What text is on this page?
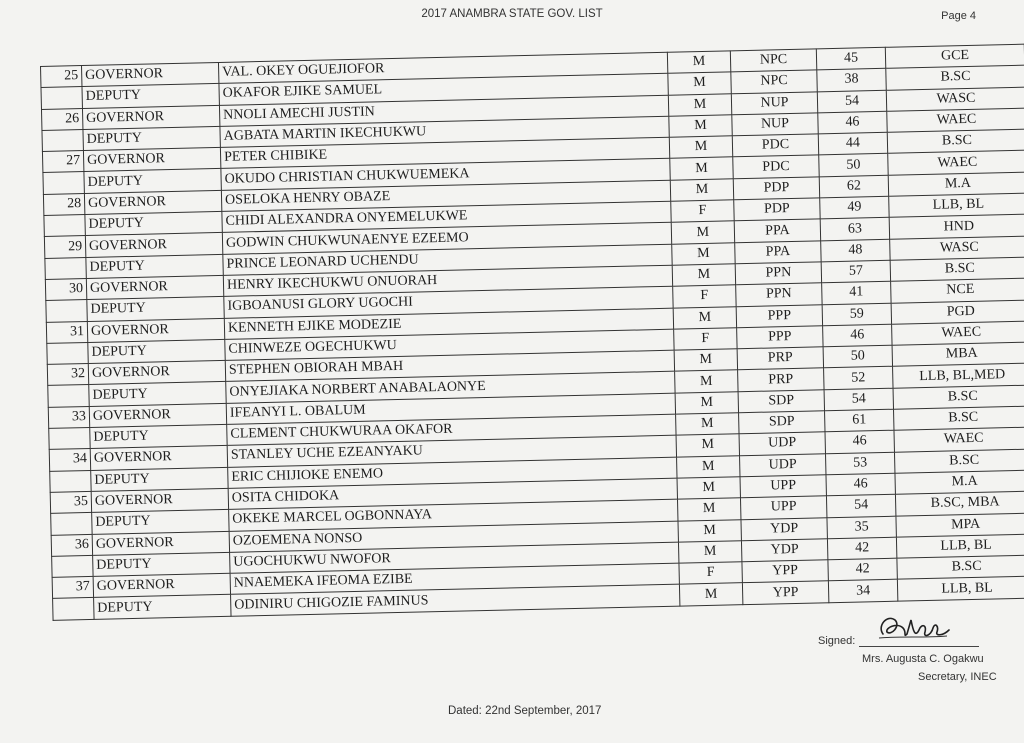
2017 ANAMBRA STATE GOV. LIST	Page 4
25	GOVERNOR	VAL. OKEY OGUEJIOFOR	M	NPC	45	GCE
	DEPUTY	OKAFOR EJIKE SAMUEL	M	NPC	38	B.SC
26	GOVERNOR	NNOLI AMECHI JUSTIN	M	NUP	54	WASC
	DEPUTY	AGBATA MARTIN IKECHUKWU	M	NUP	46	WAEC
27	GOVERNOR	PETER CHIBIKE	M	PDC	44	B.SC
	DEPUTY	OKUDO CHRISTIAN CHUKWUEMEKA	M	PDC	50	WAEC
28	GOVERNOR	OSELOKA HENRY OBAZE	M	PDP	62	M.A
	DEPUTY	CHIDI ALEXANDRA ONYEMELUKWE	F	PDP	49	LLB, BL
29	GOVERNOR	GODWIN CHUKWUNAENYE EZEEMO	M	PPA	63	HND
	DEPUTY	PRINCE LEONARD UCHENDU	M	PPA	48	WASC
30	GOVERNOR	HENRY IKECHUKWU ONUORAH	M	PPN	57	B.SC
	DEPUTY	IGBOANUSI GLORY UGOCHI	F	PPN	41	NCE
31	GOVERNOR	KENNETH EJIKE MODEZIE	M	PPP	59	PGD
	DEPUTY	CHINWEZE OGECHUKWU	F	PPP	46	WAEC
32	GOVERNOR	STEPHEN OBIORAH MBAH	M	PRP	50	MBA
	DEPUTY	ONYEJIAKA NORBERT ANABALAONYE	M	PRP	52	LLB, BL,MED
33	GOVERNOR	IFEANYI L. OBALUM	M	SDP	54	B.SC
	DEPUTY	CLEMENT CHUKWURAA OKAFOR	M	SDP	61	B.SC
34	GOVERNOR	STANLEY UCHE EZEANYAKU	M	UDP	46	WAEC
	DEPUTY	ERIC CHIJIOKE ENEMO	M	UDP	53	B.SC
35	GOVERNOR	OSITA CHIDOKA	M	UPP	46	M.A
	DEPUTY	OKEKE MARCEL OGBONNAYA	M	UPP	54	B.SC, MBA
36	GOVERNOR	OZOEMENA NONSO	M	YDP	35	MPA
	DEPUTY	UGOCHUKWU NWOFOR	M	YDP	42	LLB, BL
37	GOVERNOR	NNAEMEKA IFEOMA EZIBE	F	YPP	42	B.SC
	DEPUTY	ODINIRU CHIGOZIE FAMINUS	M	YPP	34	LLB, BL
Signed:
Mrs. Augusta C. Ogakwu
Secretary, INEC
Dated: 22nd September, 2017
